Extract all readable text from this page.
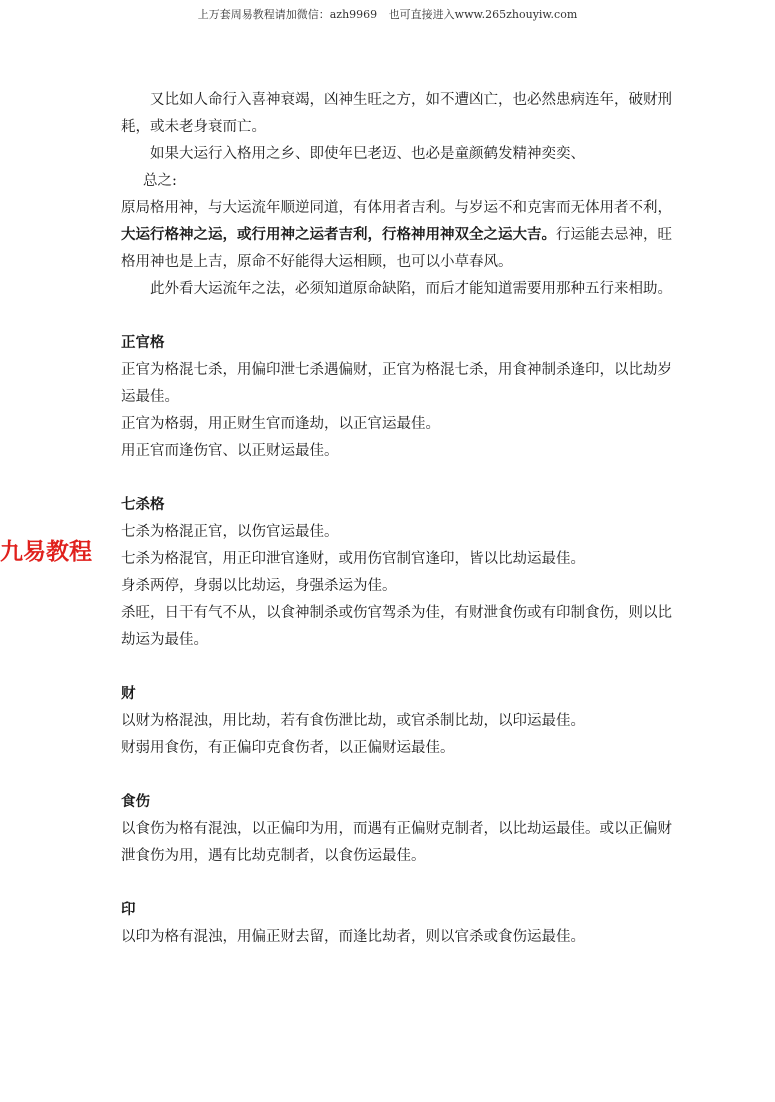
上万套周易教程请加微信：azh9969 也可直接进入www.265zhouyiw.com
九易教程

又比如人命行入喜神衰竭，凶神生旺之方，如不遭凶亡，也必然患病连年，破财刑耗，或未老身衰而亡。

如果大运行入格用之乡、即使年巳老迈、也必是童颜鹤发精神奕奕、

总之:

原局格用神，与大运流年顺逆同道，有体用者吉利。与岁运不和克害而无体用者不利，大运行格神之运，或行用神之运者吉利，行格神用神双全之运大吉。行运能去忌神，旺格用神也是上吉，原命不好能得大运相顾，也可以小草春风。

此外看大运流年之法，必须知道原命缺陷，而后才能知道需要用那种五行来相助。

正官格

正官为格混七杀，用偏印泄七杀遇偏财，正官为格混七杀，用食神制杀逢印，以比劫岁运最佳。

正官为格弱，用正财生官而逢劫，以正官运最佳。

用正官而逢伤官、以正财运最佳。

七杀格

七杀为格混正官，以伤官运最佳。

七杀为格混官，用正印泄官逢财，或用伤官制官逢印，皆以比劫运最佳。

身杀两停，身弱以比劫运，身强杀运为佳。

杀旺，日干有气不从，以食神制杀或伤官驾杀为佳，有财泄食伤或有印制食伤，则以比劫运为最佳。

财

以财为格混浊，用比劫，若有食伤泄比劫，或官杀制比劫，以印运最佳。

财弱用食伤，有正偏印克食伤者，以正偏财运最佳。

食伤

以食伤为格有混浊，以正偏印为用，而遇有正偏财克制者，以比劫运最佳。或以正偏财泄食伤为用，遇有比劫克制者，以食伤运最佳。

印

以印为格有混浊，用偏正财去留，而逢比劫者，则以官杀或食伤运最佳。
